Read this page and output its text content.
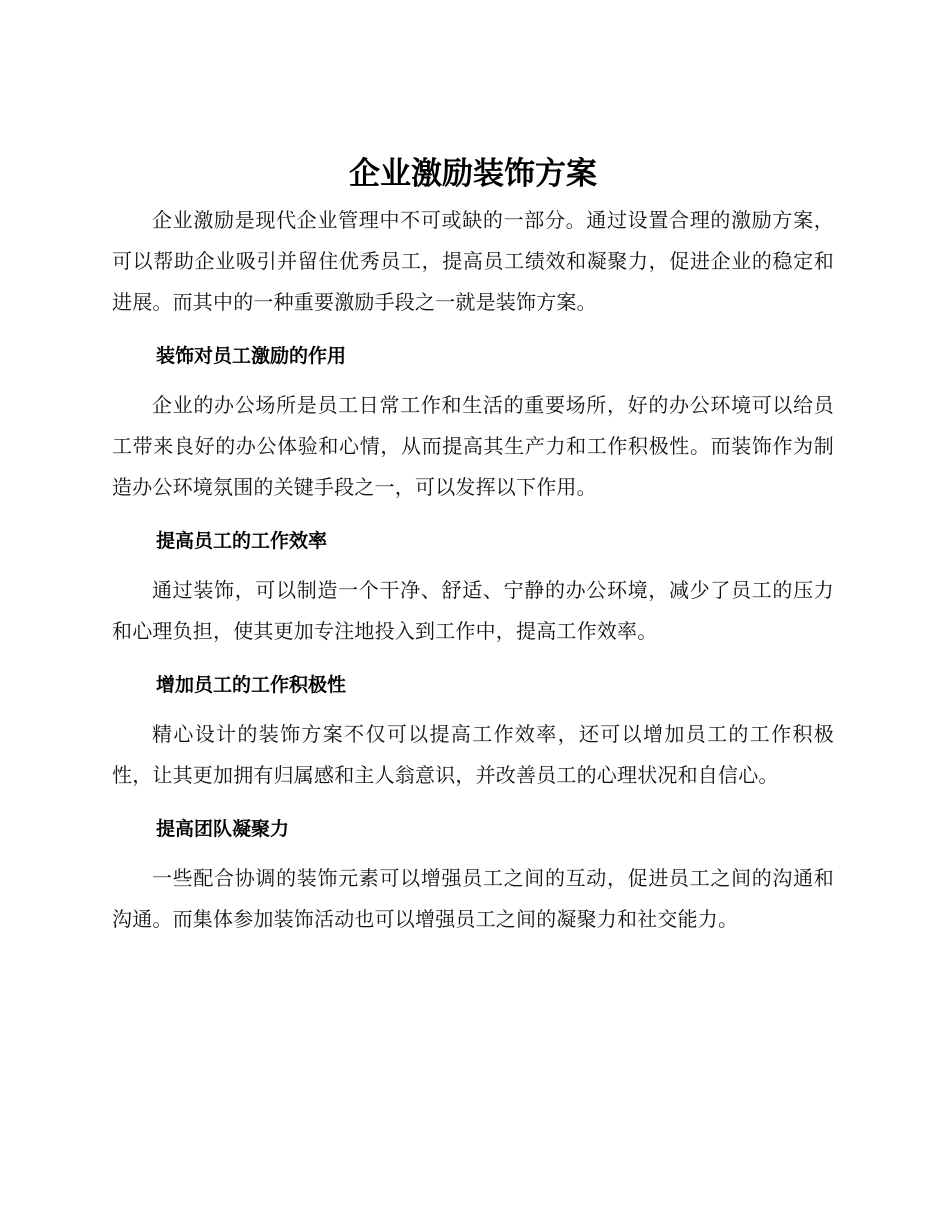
企业激励装饰方案

企业激励是现代企业管理中不可或缺的一部分。通过设置合理的激励方案，可以帮助企业吸引并留住优秀员工，提高员工绩效和凝聚力，促进企业的稳定和进展。而其中的一种重要激励手段之一就是装饰方案。

装饰对员工激励的作用

企业的办公场所是员工日常工作和生活的重要场所，好的办公环境可以给员工带来良好的办公体验和心情，从而提高其生产力和工作积极性。而装饰作为制造办公环境氛围的关键手段之一，可以发挥以下作用。

提高员工的工作效率

通过装饰，可以制造一个干净、舒适、宁静的办公环境，减少了员工的压力和心理负担，使其更加专注地投入到工作中，提高工作效率。

增加员工的工作积极性

精心设计的装饰方案不仅可以提高工作效率，还可以增加员工的工作积极性，让其更加拥有归属感和主人翁意识，并改善员工的心理状况和自信心。

提高团队凝聚力

一些配合协调的装饰元素可以增强员工之间的互动，促进员工之间的沟通和沟通。而集体参加装饰活动也可以增强员工之间的凝聚力和社交能力。
